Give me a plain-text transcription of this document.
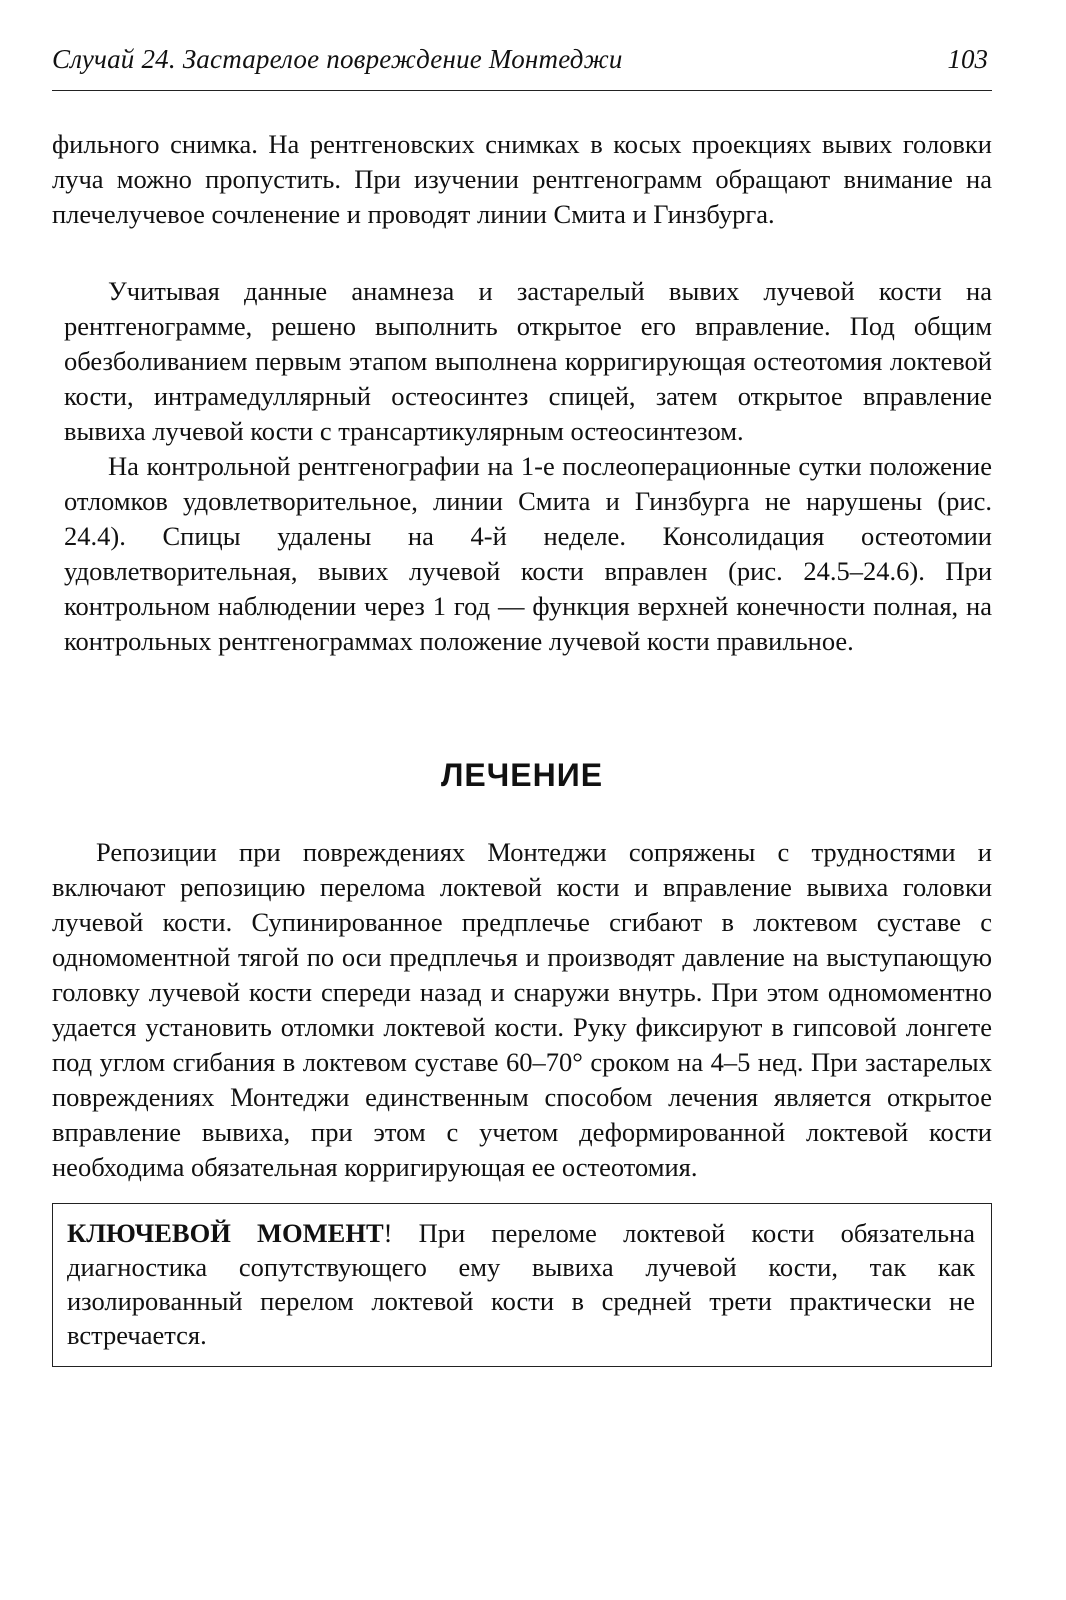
Случай 24. Застарелое повреждение Монтеджи	103

фильного снимка. На рентгеновских снимках в косых проекциях вывих головки луча можно пропустить. При изучении рентгенограмм обращают внимание на плечелучевое сочленение и проводят линии Смита и Гинзбурга.

Учитывая данные анамнеза и застарелый вывих лучевой кости на рентгенограмме, решено выполнить открытое его вправление. Под общим обезболиванием первым этапом выполнена корригирующая остеотомия локтевой кости, интрамедуллярный остеосинтез спицей, затем открытое вправление вывиха лучевой кости с трансартикулярным остеосинтезом.

На контрольной рентгенографии на 1-е послеоперационные сутки положение отломков удовлетворительное, линии Смита и Гинзбурга не нарушены (рис. 24.4). Спицы удалены на 4-й неделе. Консолидация остеотомии удовлетворительная, вывих лучевой кости вправлен (рис. 24.5–24.6). При контрольном наблюдении через 1 год — функция верхней конечности полная, на контрольных рентгенограммах положение лучевой кости правильное.

ЛЕЧЕНИЕ

Репозиции при повреждениях Монтеджи сопряжены с трудностями и включают репозицию перелома локтевой кости и вправление вывиха головки лучевой кости. Супинированное предплечье сгибают в локтевом суставе с одномоментной тягой по оси предплечья и производят давление на выступающую головку лучевой кости спереди назад и снаружи внутрь. При этом одномоментно удается установить отломки локтевой кости. Руку фиксируют в гипсовой лонгете под углом сгибания в локтевом суставе 60–70° сроком на 4–5 нед. При застарелых повреждениях Монтеджи единственным способом лечения является открытое вправление вывиха, при этом с учетом деформированной локтевой кости необходима обязательная корригирующая ее остеотомия.

КЛЮЧЕВОЙ МОМЕНТ! При переломе локтевой кости обязательна диагностика сопутствующего ему вывиха лучевой кости, так как изолированный перелом локтевой кости в средней трети практически не встречается.
